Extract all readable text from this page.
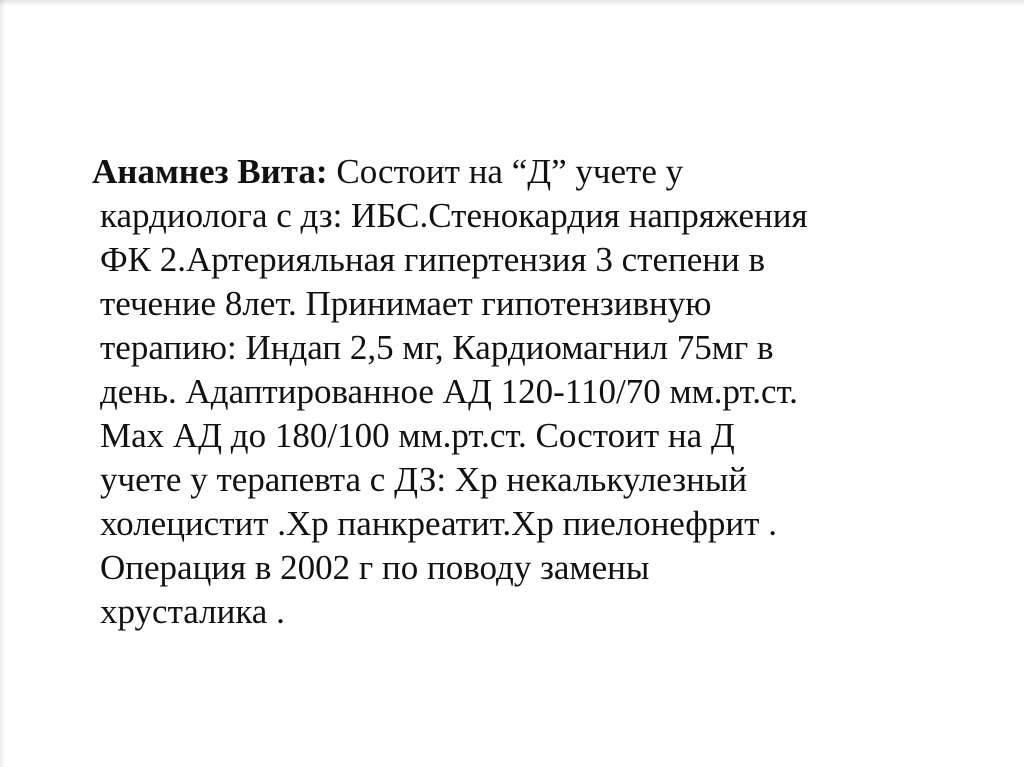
Анамнез Вита: Состоит на “Д” учете у
кардиолога с дз: ИБС.Стенокардия напряжения
ФК 2.Артерияльная гипертензия 3 степени в
течение 8лет. Принимает гипотензивную
терапию: Индап 2,5 мг, Кардиомагнил 75мг в
день. Адаптированное АД 120-110/70 мм.рт.ст.
Max АД до 180/100 мм.рт.ст. Состоит на Д
учете у терапевта с ДЗ: Хр некалькулезный
холецистит .Хр панкреатит.Хр пиелонефрит .
Операция в 2002 г по поводу замены
хрусталика .
